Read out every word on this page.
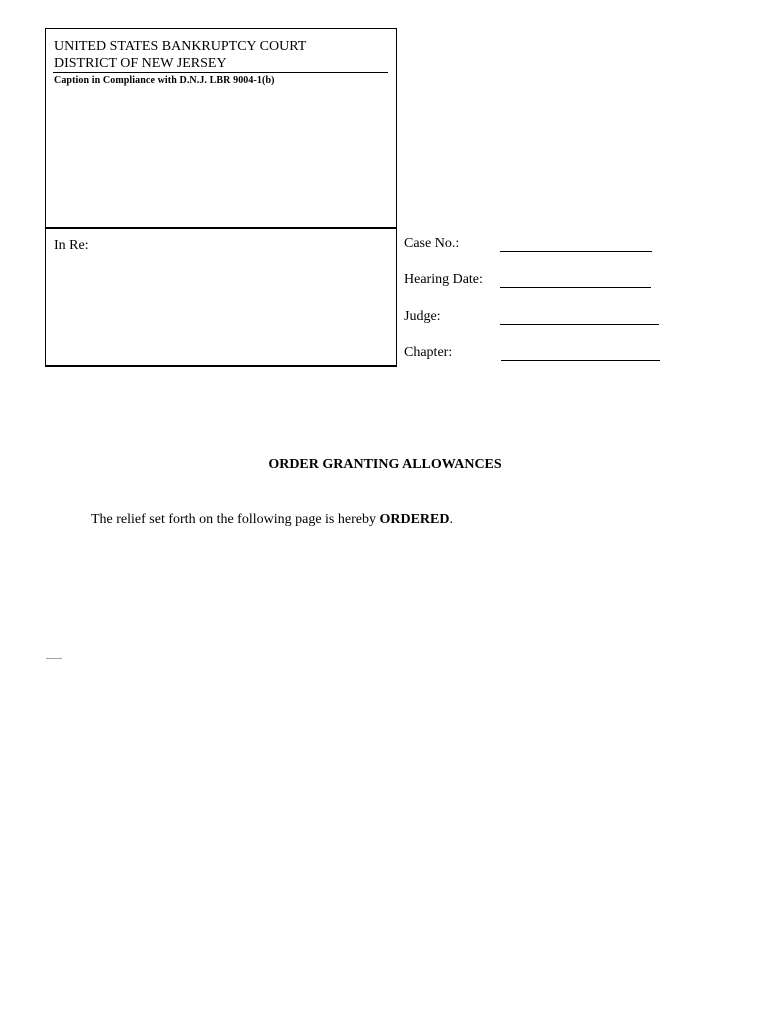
UNITED STATES BANKRUPTCY COURT
DISTRICT OF NEW JERSEY
Caption in Compliance with D.N.J. LBR 9004-1(b)
In Re:	Case No.:
Hearing Date:
Judge:
Chapter:
ORDER GRANTING ALLOWANCES
The relief set forth on the following page is hereby ORDERED.
........
